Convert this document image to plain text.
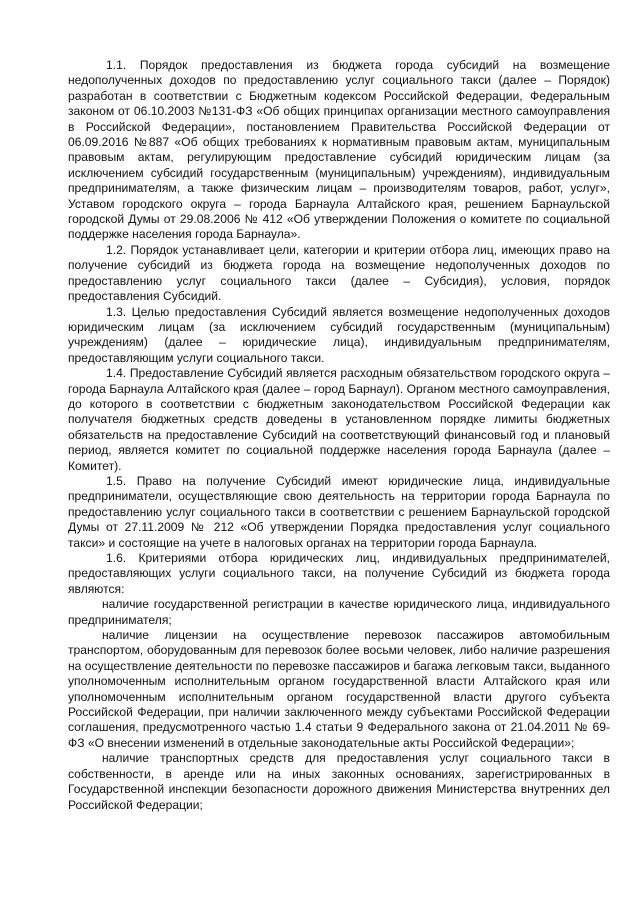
1.1. Порядок предоставления из бюджета города субсидий на возмещение недополученных доходов по предоставлению услуг социального такси (далее – Порядок) разработан в соответствии с Бюджетным кодексом Российской Федерации, Федеральным законом от 06.10.2003 №131-ФЗ «Об общих принципах организации местного самоуправления в Российской Федерации», постановлением Правительства Российской Федерации от 06.09.2016 №887 «Об общих требованиях к нормативным правовым актам, муниципальным правовым актам, регулирующим предоставление субсидий юридическим лицам (за исключением субсидий государственным (муниципальным) учреждениям), индивидуальным предпринимателям, а также физическим лицам – производителям товаров, работ, услуг», Уставом городского округа – города Барнаула Алтайского края, решением Барнаульской городской Думы от 29.08.2006 № 412 «Об утверждении Положения о комитете по социальной поддержке населения города Барнаула».

1.2. Порядок устанавливает цели, категории и критерии отбора лиц, имеющих право на получение субсидий из бюджета города на возмещение недополученных доходов по предоставлению услуг социального такси (далее – Субсидия), условия, порядок предоставления Субсидий.

1.3. Целью предоставления Субсидий является возмещение недополученных доходов юридическим лицам (за исключением субсидий государственным (муниципальным) учреждениям) (далее – юридические лица), индивидуальным предпринимателям, предоставляющим услуги социального такси.

1.4. Предоставление Субсидий является расходным обязательством городского округа – города Барнаула Алтайского края (далее – город Барнаул). Органом местного самоуправления, до которого в соответствии с бюджетным законодательством Российской Федерации как получателя бюджетных средств доведены в установленном порядке лимиты бюджетных обязательств на предоставление Субсидий на соответствующий финансовый год и плановый период, является комитет по социальной поддержке населения города Барнаула (далее – Комитет).

1.5. Право на получение Субсидий имеют юридические лица, индивидуальные предприниматели, осуществляющие свою деятельность на территории города Барнаула по предоставлению услуг социального такси в соответствии с решением Барнаульской городской Думы от 27.11.2009 № 212 «Об утверждении Порядка предоставления услуг социального такси» и состоящие на учете в налоговых органах на территории города Барнаула.

1.6. Критериями отбора юридических лиц, индивидуальных предпринимателей, предоставляющих услуги социального такси, на получение Субсидий из бюджета города являются:

наличие государственной регистрации в качестве юридического лица, индивидуального предпринимателя;

наличие лицензии на осуществление перевозок пассажиров автомобильным транспортом, оборудованным для перевозок более восьми человек, либо наличие разрешения на осуществление деятельности по перевозке пассажиров и багажа легковым такси, выданного уполномоченным исполнительным органом государственной власти Алтайского края или уполномоченным исполнительным органом государственной власти другого субъекта Российской Федерации, при наличии заключенного между субъектами Российской Федерации соглашения, предусмотренного частью 1.4 статьи 9 Федерального закона от 21.04.2011 № 69-ФЗ «О внесении изменений в отдельные законодательные акты Российской Федерации»;

наличие транспортных средств для предоставления услуг социального такси в собственности, в аренде или на иных законных основаниях, зарегистрированных в Государственной инспекции безопасности дорожного движения Министерства внутренних дел Российской Федерации;
